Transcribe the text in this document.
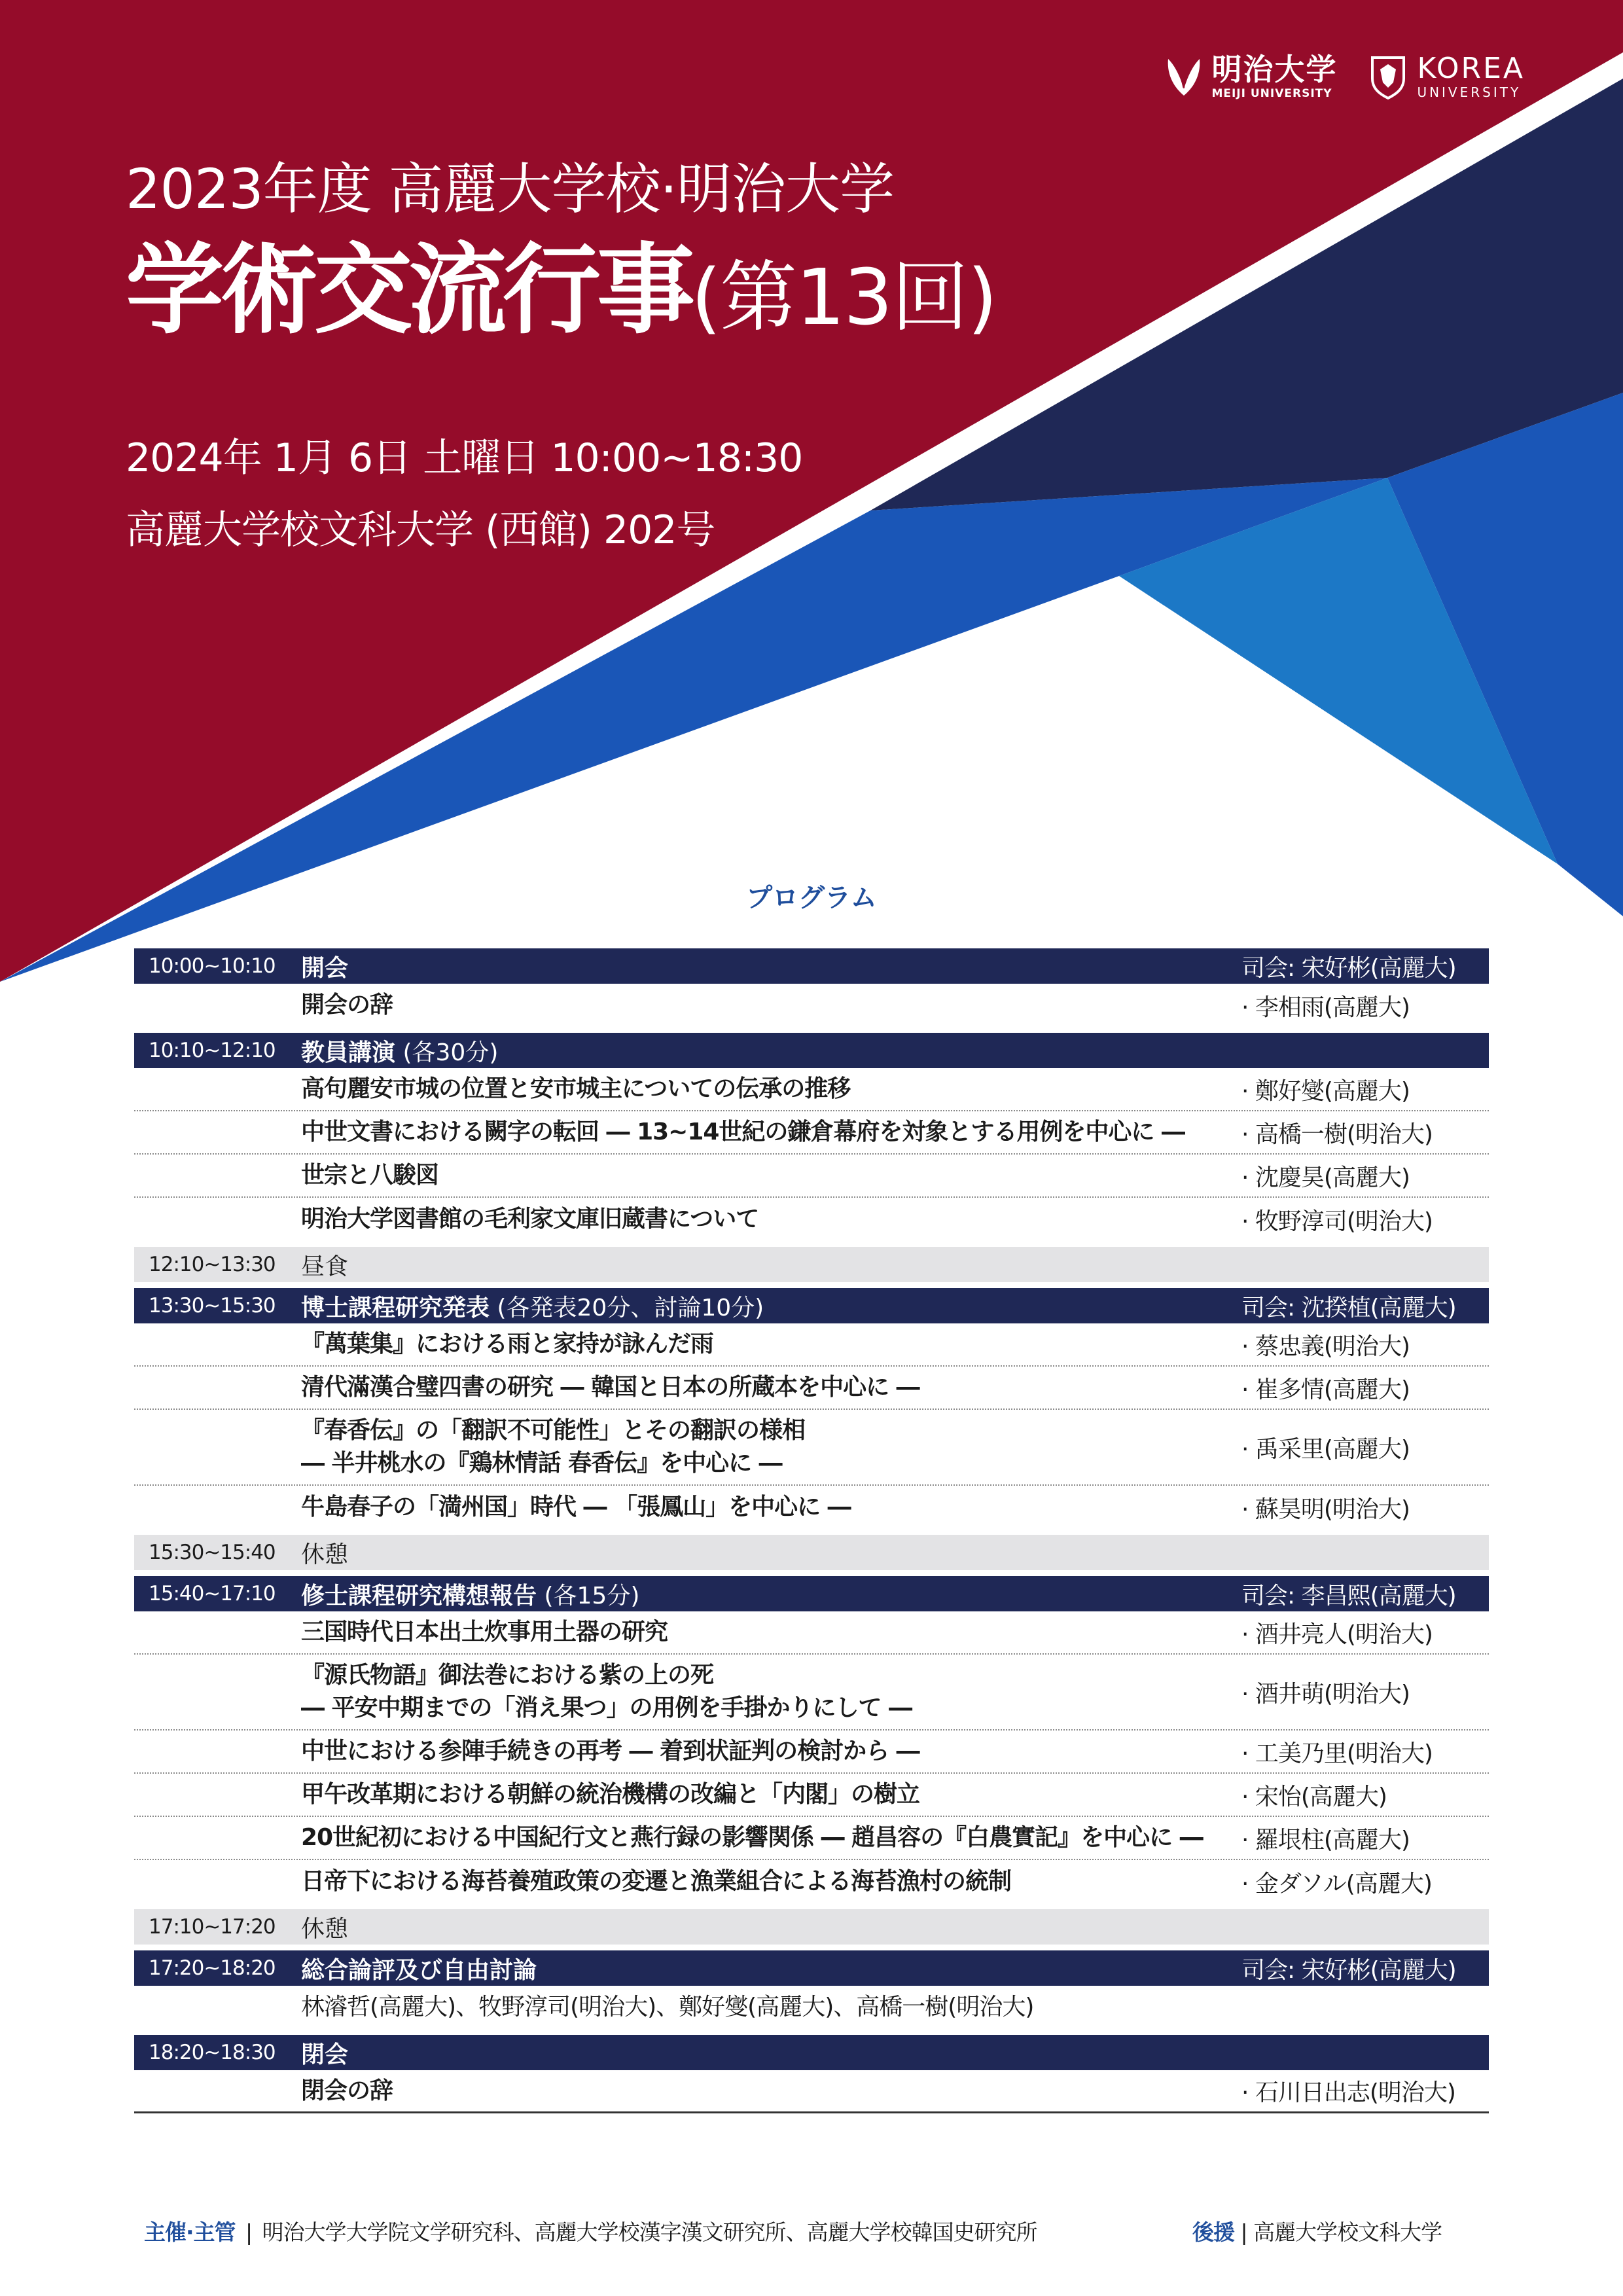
明治大学
MEIJI UNIVERSITY
KOREA
UNIVERSITY
2023年度 高麗大学校·明治大学
学術交流行事(第13回)
2024年 1月 6日 土曜日 10:00~18:30
高麗大学校文科大学 (西館) 202号
プログラム
10:00~10:10	開会	司会: 宋好彬(高麗大)
開会の辞	· 李相雨(高麗大)
10:10~12:10	教員講演 (各30分)
高句麗安市城の位置と安市城主についての伝承の推移	· 鄭好燮(高麗大)
中世文書における闕字の転回 ― 13~14世紀の鎌倉幕府を対象とする用例を中心に ―	· 高橋一樹(明治大)
世宗と八駿図	· 沈慶昊(高麗大)
明治大学図書館の毛利家文庫旧蔵書について	· 牧野淳司(明治大)
12:10~13:30	昼食
13:30~15:30	博士課程研究発表 (各発表20分、討論10分)	司会: 沈揆植(高麗大)
『萬葉集』における雨と家持が詠んだ雨	· 蔡忠義(明治大)
清代滿漢合璧四書の研究 ― 韓国と日本の所蔵本を中心に ―	· 崔多情(高麗大)
『春香伝』の「翻訳不可能性」とその翻訳の様相
― 半井桃水の『鶏林情話 春香伝』を中心に ―
· 禹采里(高麗大)
牛島春子の「満州国」時代 ― 「張鳳山」を中心に ―	· 蘇昊明(明治大)
15:30~15:40	休憩
15:40~17:10	修士課程研究構想報告 (各15分)	司会: 李昌熙(高麗大)
三国時代日本出土炊事用土器の研究	· 酒井亮人(明治大)
『源氏物語』御法巻における紫の上の死
― 平安中期までの「消え果つ」の用例を手掛かりにして ―
· 酒井萌(明治大)
中世における参陣手続きの再考 ― 着到状証判の検討から ―	· 工美乃里(明治大)
甲午改革期における朝鮮の統治機構の改編と「内閣」の樹立	· 宋怡(高麗大)
20世紀初における中国紀行文と燕行録の影響関係 ― 趙昌容の『白農實記』を中心に ―	· 羅垠柱(高麗大)
日帝下における海苔養殖政策の変遷と漁業組合による海苔漁村の統制	· 金ダソル(高麗大)
17:10~17:20	休憩
17:20~18:20	総合論評及び自由討論	司会: 宋好彬(高麗大)
林濬哲(高麗大)、牧野淳司(明治大)、鄭好燮(高麗大)、高橋一樹(明治大)
18:20~18:30	閉会
閉会の辞	· 石川日出志(明治大)
主催·主管 | 明治大学大学院文学研究科、高麗大学校漢字漢文研究所、高麗大学校韓国史研究所	後援 | 高麗大学校文科大学
